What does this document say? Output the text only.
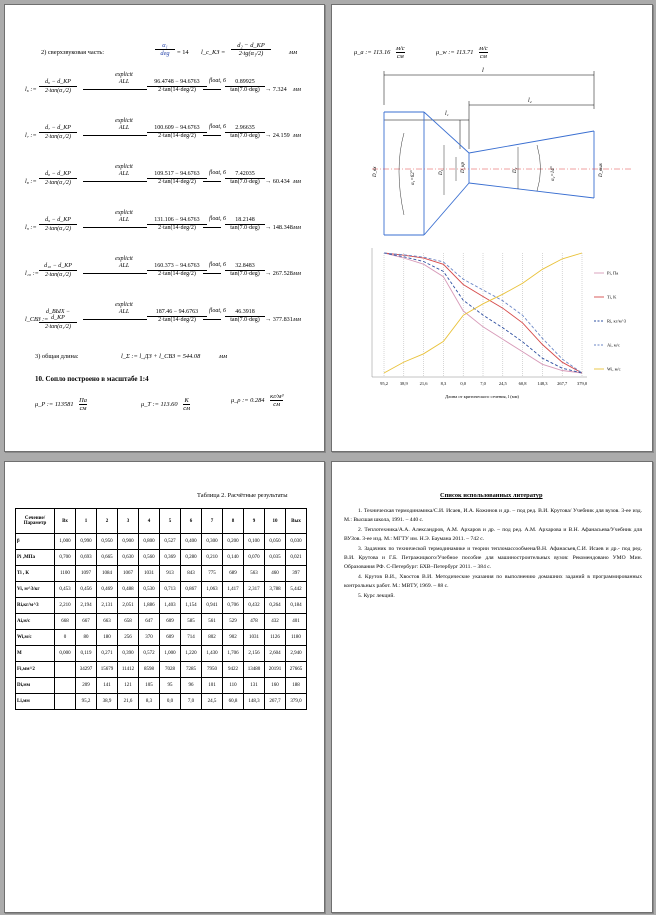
2) сверхзвуковая часть:
α₁
deg	= 14 l_c_КЗ =
d₂ − d_КР
2·tg(α₁/2)	мм
l₆ :=
d₆ − d_КР
2·tan(α₁/2)
explicit
ALL	96.4748 − 94.6763
2·tan(14·deg/2)
float, 6	0.89925
tan(7.0·deg) → 7.324 мм
l₇ :=
d₇ − d_КР
2·tan(α₁/2)
explicit
ALL	100.609 − 94.6763
2·tan(14·deg/2)
float, 6	2.96635
tan(7.0·deg) → 24.159 мм
l₈ :=
d₈ − d_КР
2·tan(α₁/2)
explicit
ALL	109.517 − 94.6763
2·tan(14·deg/2)
float, 6	7.42035
tan(7.0·deg) → 60.434 мм
l₉ :=
d₉ − d_КР
2·tan(α₁/2)
explicit
ALL	131.106 − 94.6763
2·tan(14·deg/2)
float, 6	18.2148
tan(7.0·deg) → 148.348 мм
l₁₀ :=
d₁₀ − d_КР
2·tan(α₁/2)
explicit
ALL	160.373 − 94.6763
2·tan(14·deg/2)
float, 6	32.8483
tan(7.0·deg) → 267.528 мм
l_СВЗ :=
d_ВЫХ − d_КР
2·tan(α₁/2)
explicit
ALL	187.46 − 94.6763
2·tan(14·deg/2)
float, 6	46.3918
tan(7.0·deg) → 377.831 мм
3) общая длина:	l_Σ := l_ДЗ + l_СВЗ = 544.08	мм
10. Сопло построено в масштабе 1:4
μ_P := 113581
Па
см
μ_T := 113.60
К
см
μ_ρ := 0.284
кг/м³
см
μ_a := 113.16
м/с
см
μ_w := 113.71
м/с
см
l
l₁
l₂
D_вх	α₁=62°	D₁	D_кр	D₂	α₂=14°	D_вых
95,2	38,9	21,6	8,3	0,0	7,0	24,5	60,8 148,3 267,7 379,0
Длина от критического сечения, l (мм)
Pi, Па
Ti, K
Ri, кг/м^3
Ai, м/с
Wi, м/с
Таблица 2. Расчётные результаты
Сечение/ Параметр	Вх	1	2	3	4	5	6	7	8	9	10	Вых
β	1,000	0,990	0,950	0,900	0,800	0,527	0,400	0,300	0,200	0,100	0,050	0,030
Pi ,МПа	0,700	0,693	0,665	0,630	0,560	0,369	0,280	0,210	0,140	0,070	0,035	0,021
Ti , К	1100	1097	1084	1067	1031	913	843	775	689	563	460	397
Vi, м^3/кг	0,453	0,456	0,469	0,488	0,530	0,713	0,867	1,063	1,417	2,317	3,788	5,442
Ri,кг/м^3	2,210	2,194	2,131	2,051	1,886	1,403	1,154	0,941	0,706	0,432	0,264	0,184
Ai,м/с	668	667	663	658	647	609	585	561	529	478	432	401
Wi,м/с	0	80	180	256	370	609	714	802	902	1031	1126	1180
M	0,000	0,119	0,271	0,390	0,572	1,000	1,220	1,430	1,706	2,156	2,604	2,940
Fi,мм^2		34297	15679	11412	8598	7028	7285	7950	9422	13480	20191	27665
Di,мм		209	141	121	105	95	96	101	110	131	160	188
Li,мм		95,2	38,9	21,6	8,3	0,0	7,0	24,5	60,8	148,3	267,7	379,0
Список использованных литератур

1. Техническая термодинамика/С.И. Исаев, И.А. Кожинов и др. – под ред. В.И. Крутова/ Учебник для вузов. 3-ее изд. М.: Высшая школа, 1991. – 440 с.

2. Теплотехника/А.А. Александров, А.М. Архаров и др. – под ред. А.М. Архарова и В.Н. Афанасьева/Учебник для ВУЗов. 3-ее изд. М.: МГТУ им. Н.Э. Баумана 2011. – 742 с.

3. Задачник по технической термодинамике и теории тепломассообмена/В.Н. Афанасьев,С.И. Исаев и др.- под ред. В.И. Крутова и Г.Б. Петражицкого/Учебное пособие для машиностроительных вузов: Рекомендовано УМО Мин. Образования РФ. С-Петербург: БХВ–Петербург 2011. – 384 с.

4. Крутов В.И., Хвостов В.И. Методические указания по выполнению домашних заданий в программированных контрольных работ. М.: МВТУ, 1969. – 88 с.

5. Курс лекций.
